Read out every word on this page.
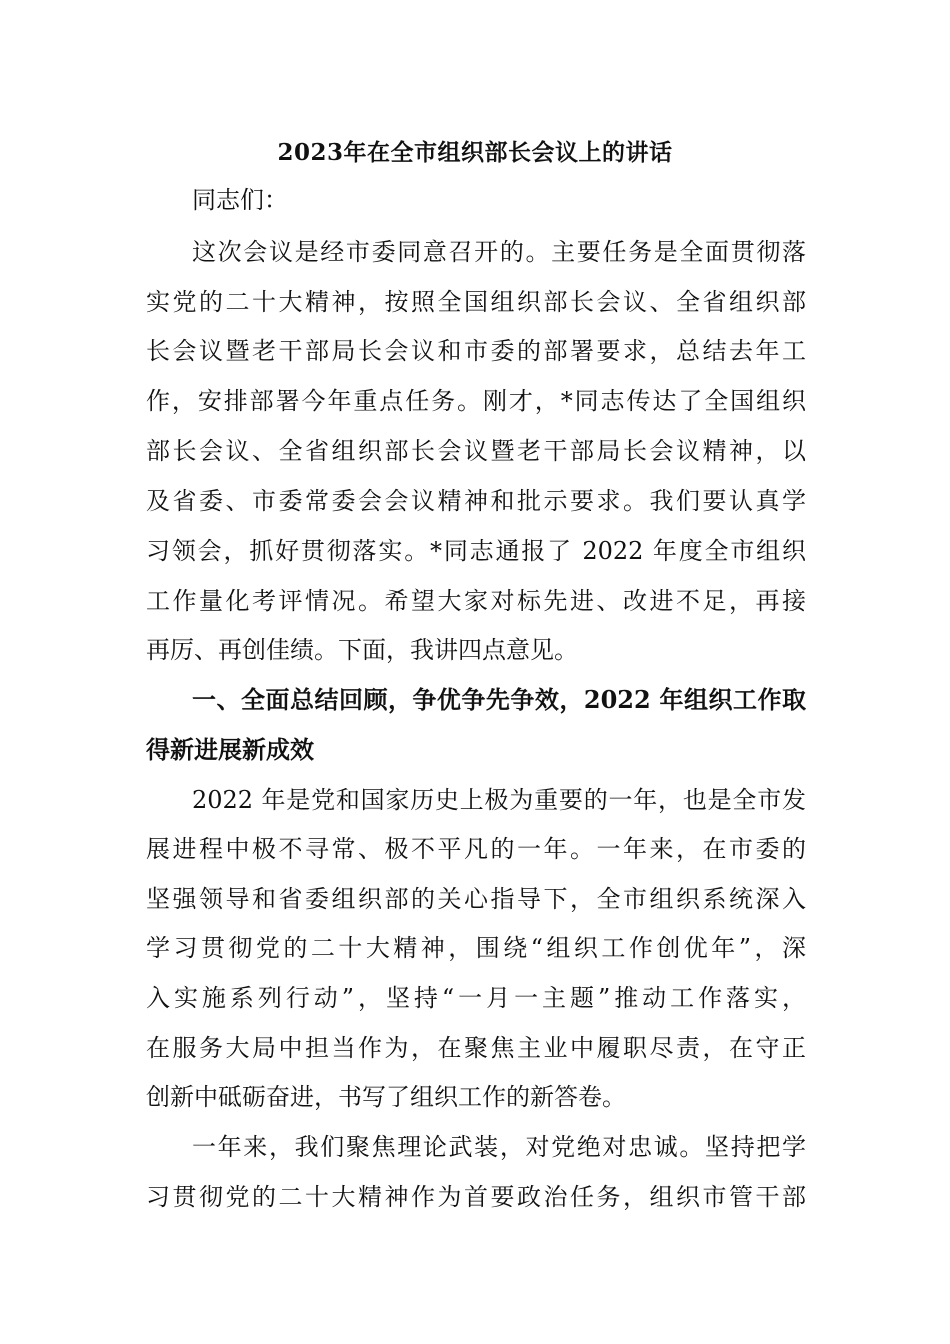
2023年在全市组织部长会议上的讲话
同志们：
这次会议是经市委同意召开的。主要任务是全面贯彻落
实党的二十大精神，按照全国组织部长会议、全省组织部
长会议暨老干部局长会议和市委的部署要求，总结去年工
作，安排部署今年重点任务。刚才，*同志传达了全国组织
部长会议、全省组织部长会议暨老干部局长会议精神，以
及省委、市委常委会会议精神和批示要求。我们要认真学
习领会，抓好贯彻落实。*同志通报了 2022 年度全市组织
工作量化考评情况。希望大家对标先进、改进不足，再接
再厉、再创佳绩。下面，我讲四点意见。
一、全面总结回顾，争优争先争效，2022 年组织工作取
得新进展新成效
2022 年是党和国家历史上极为重要的一年，也是全市发
展进程中极不寻常、极不平凡的一年。一年来，在市委的
坚强领导和省委组织部的关心指导下，全市组织系统深入
学习贯彻党的二十大精神，围绕“组织工作创优年”，深
入实施系列行动”，坚持“一月一主题”推动工作落实，
在服务大局中担当作为，在聚焦主业中履职尽责，在守正
创新中砥砺奋进，书写了组织工作的新答卷。
一年来，我们聚焦理论武装，对党绝对忠诚。坚持把学
习贯彻党的二十大精神作为首要政治任务，组织市管干部
